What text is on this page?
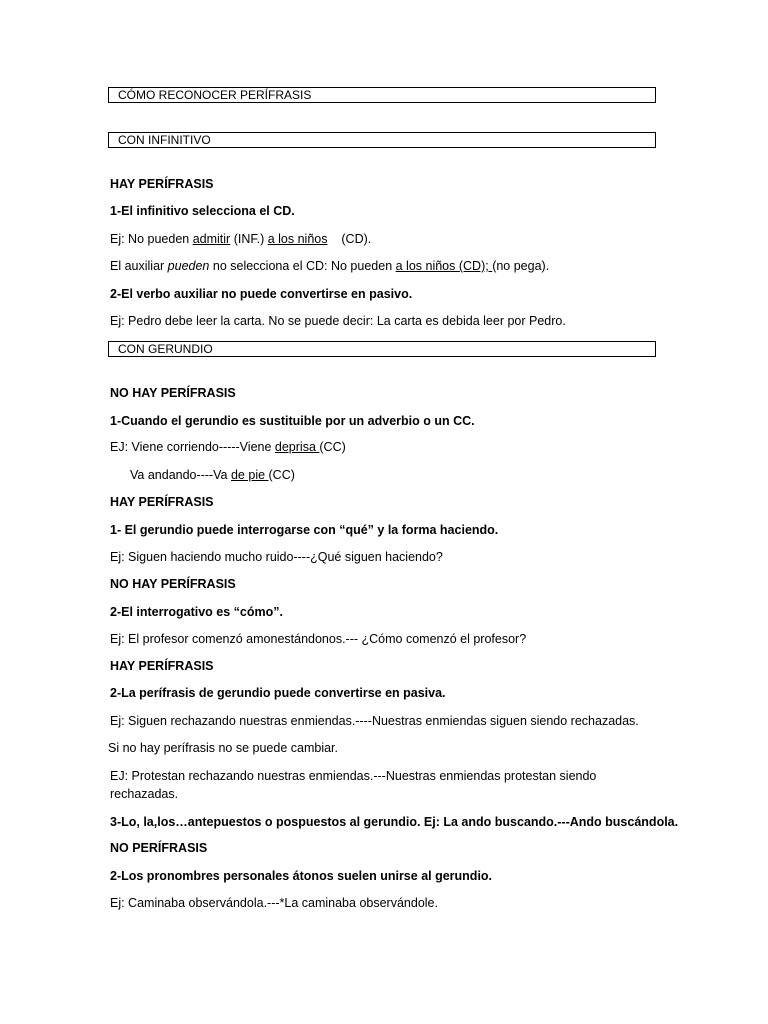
CÓMO RECONOCER PERÍFRASIS
CON INFINITIVO
HAY PERÍFRASIS
1-El infinitivo selecciona el CD.
Ej: No pueden admitir (INF.) a los niños    (CD).
El auxiliar pueden no selecciona el CD: No pueden a los niños (CD); (no pega).
2-El verbo auxiliar no puede convertirse en pasivo.
Ej: Pedro debe leer la carta. No se puede decir: La carta es debida leer por Pedro.
CON GERUNDIO
NO HAY PERÍFRASIS
1-Cuando el gerundio es sustituible por un adverbio o un CC.
EJ: Viene corriendo-----Viene deprisa (CC)
Va andando----Va de pie (CC)
HAY PERÍFRASIS
1- El gerundio puede interrogarse con “qué” y la forma haciendo.
Ej: Siguen haciendo mucho ruido----¿Qué siguen haciendo?
NO HAY PERÍFRASIS
2-El interrogativo es “cómo”.
Ej: El profesor comenzó amonestándonos.--- ¿Cómo comenzó el profesor?
HAY PERÍFRASIS
2-La perífrasis de gerundio puede convertirse en pasiva.
Ej: Siguen rechazando nuestras enmiendas.----Nuestras enmiendas siguen siendo rechazadas.
Si no hay perífrasis no se puede cambiar.
EJ: Protestan rechazando nuestras enmiendas.---Nuestras enmiendas protestan siendo
rechazadas.
3-Lo, la,los…antepuestos o pospuestos al gerundio. Ej: La ando buscando.---Ando buscándola.
NO PERÍFRASIS
2-Los pronombres personales átonos suelen unirse al gerundio.
Ej: Caminaba observándola.---*La caminaba observándole.
